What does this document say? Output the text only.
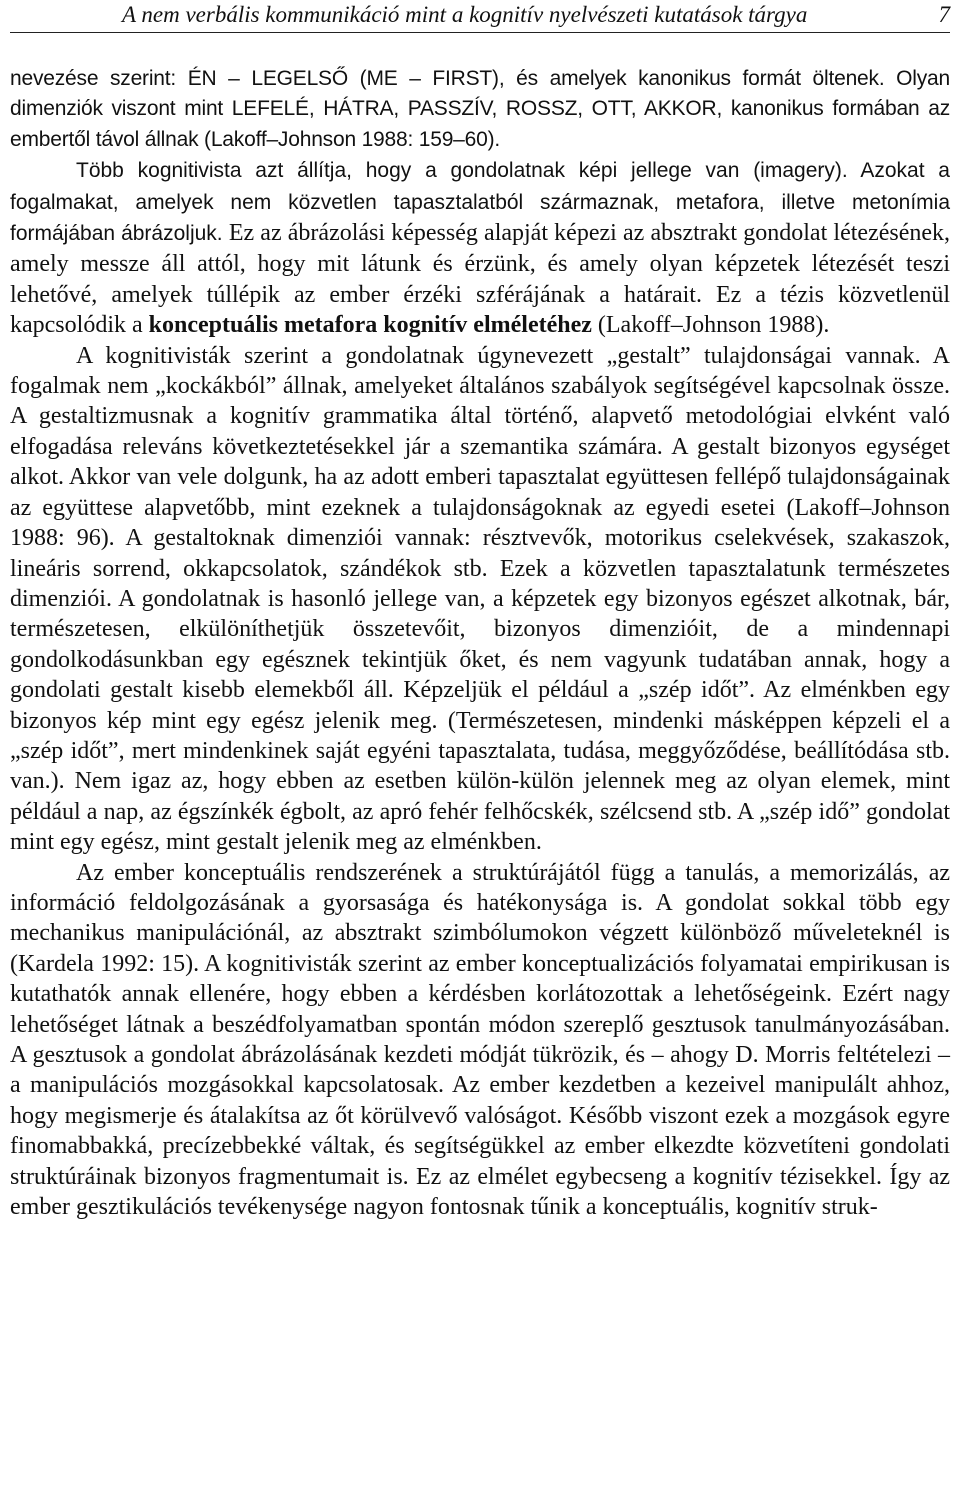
A nem verbális kommunikáció mint a kognitív nyelvészeti kutatások tárgya	7

nevezése szerint: ÉN – LEGELSŐ (ME – FIRST), és amelyek kanonikus formát öltenek. Olyan dimenziók viszont mint LEFELÉ, HÁTRA, PASSZÍV, ROSSZ, OTT, AKKOR, kanonikus formában az embertől távol állnak (Lakoff–Johnson 1988: 159–60).

Több kognitivista azt állítja, hogy a gondolatnak képi jellege van (imagery). Azokat a fogalmakat, amelyek nem közvetlen tapasztalatból származnak, metafora, illetve metonímia formájában ábrázoljuk. Ez az ábrázolási képesség alapját képezi az absztrakt gondolat létezésének, amely messze áll attól, hogy mit látunk és érzünk, és amely olyan képzetek létezését teszi lehetővé, amelyek túllépik az ember érzéki szférájának a határait. Ez a tézis közvetlenül kapcsolódik a konceptuális metafora kognitív elméletéhez (Lakoff–Johnson 1988).

A kognitivisták szerint a gondolatnak úgynevezett „gestalt” tulajdonságai vannak. A fogalmak nem „kockákból” állnak, amelyeket általános szabályok segítségével kapcsolnak össze. A gestaltizmusnak a kognitív grammatika által történő, alapvető metodológiai elvként való elfogadása releváns következtetésekkel jár a szemantika számára. A gestalt bizonyos egységet alkot. Akkor van vele dolgunk, ha az adott emberi tapasztalat együttesen fellépő tulajdonságainak az együttese alapvetőbb, mint ezeknek a tulajdonságoknak az egyedi esetei (Lakoff–Johnson 1988: 96). A gestaltoknak dimenziói vannak: résztvevők, motorikus cselekvések, szakaszok, lineáris sorrend, okkapcsolatok, szándékok stb. Ezek a közvetlen tapasztalatunk természetes dimenziói. A gondolatnak is hasonló jellege van, a képzetek egy bizonyos egészet alkotnak, bár, természetesen, elkülöníthetjük összetevőit, bizonyos dimenzióit, de a mindennapi gondolkodásunkban egy egésznek tekintjük őket, és nem vagyunk tudatában annak, hogy a gondolati gestalt kisebb elemekből áll. Képzeljük el például a „szép időt”. Az elménkben egy bizonyos kép mint egy egész jelenik meg. (Természetesen, mindenki másképpen képzeli el a „szép időt”, mert mindenkinek saját egyéni tapasztalata, tudása, meggyőződése, beállítódása stb. van.). Nem igaz az, hogy ebben az esetben külön-külön jelennek meg az olyan elemek, mint például a nap, az égszínkék égbolt, az apró fehér felhőcskék, szélcsend stb. A „szép idő” gondolat mint egy egész, mint gestalt jelenik meg az elménkben.

Az ember konceptuális rendszerének a struktúrájától függ a tanulás, a memorizálás, az információ feldolgozásának a gyorsasága és hatékonysága is. A gondolat sokkal több egy mechanikus manipulációnál, az absztrakt szimbólumokon végzett különböző műveleteknél is (Kardela 1992: 15). A kognitivisták szerint az ember konceptualizációs folyamatai empirikusan is kutathatók annak ellenére, hogy ebben a kérdésben korlátozottak a lehetőségeink. Ezért nagy lehetőséget látnak a beszédfolyamatban spontán módon szereplő gesztusok tanulmányozásában. A gesztusok a gondolat ábrázolásának kezdeti módját tükrözik, és – ahogy D. Morris feltételezi – a manipulációs mozgásokkal kapcsolatosak. Az ember kezdetben a kezeivel manipulált ahhoz, hogy megismerje és átalakítsa az őt körülvevő valóságot. Később viszont ezek a mozgások egyre finomabbakká, precízebbekké váltak, és segítségükkel az ember elkezdte közvetíteni gondolati struktúráinak bizonyos fragmentumait is. Ez az elmélet egybecseng a kognitív tézisekkel. Így az ember gesztikulációs tevékenysége nagyon fontosnak tűnik a konceptuális, kognitív struk-
